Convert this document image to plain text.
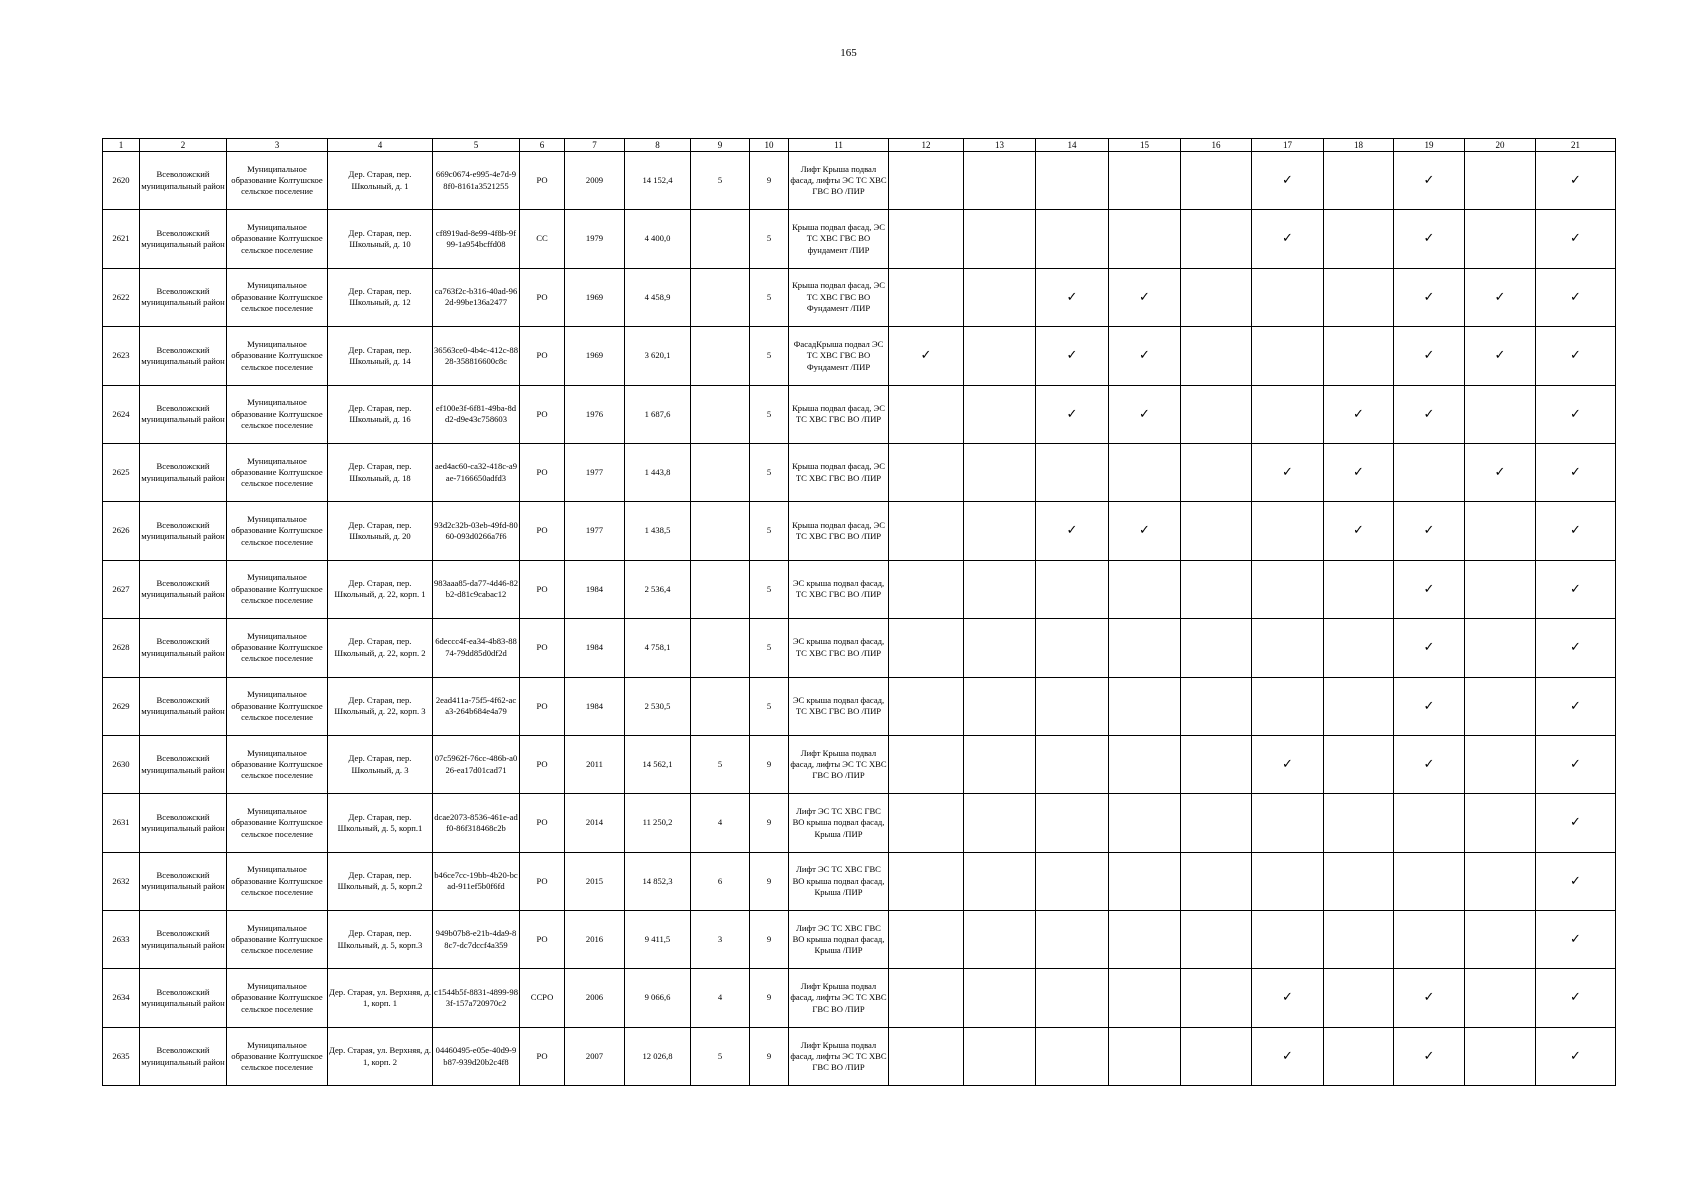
165
1	2	3	4	5	6	7	8	9	10	11	12	13	14	15	16	17	18	19	20	21
2620	Всеволожский муниципальный район	Муниципальное образование Колтушское сельское поселение	Дер. Старая, пер. Школьный, д. 1	669c0674-e995-4e7d-98f0-8161a3521255	РО	2009	14 152,4	5	9	Лифт Крыша подвал фасад, лифты ЭС ТС ХВС ГВС ВО /ПИР						✓		✓		✓
2621	Всеволожский муниципальный район	Муниципальное образование Колтушское сельское поселение	Дер. Старая, пер. Школьный, д. 10	cf8919ad-8e99-4f8b-9f99-1a954bcffd08	СС	1979	4 400,0		5	Крыша подвал фасад, ЭС ТС ХВС ГВС ВО фундамент /ПИР						✓		✓		✓
2622	Всеволожский муниципальный район	Муниципальное образование Колтушское сельское поселение	Дер. Старая, пер. Школьный, д. 12	ca763f2c-b316-40ad-962d-99be136a2477	РО	1969	4 458,9		5	Крыша подвал фасад, ЭС ТС ХВС ГВС ВО Фундамент /ПИР			✓	✓				✓	✓	✓
2623	Всеволожский муниципальный район	Муниципальное образование Колтушское сельское поселение	Дер. Старая, пер. Школьный, д. 14	36563ce0-4b4c-412c-8828-358816600c8c	РО	1969	3 620,1		5	ФасадКрыша подвал ЭС ТС ХВС ГВС ВО Фундамент /ПИР	✓		✓	✓				✓	✓	✓
2624	Всеволожский муниципальный район	Муниципальное образование Колтушское сельское поселение	Дер. Старая, пер. Школьный, д. 16	ef100e3f-6f81-49ba-8dd2-d9e43c758603	РО	1976	1 687,6		5	Крыша подвал фасад, ЭС ТС ХВС ГВС ВО /ПИР			✓	✓			✓	✓		✓
2625	Всеволожский муниципальный район	Муниципальное образование Колтушское сельское поселение	Дер. Старая, пер. Школьный, д. 18	aed4ac60-ca32-418c-a9ae-7166650adfd3	РО	1977	1 443,8		5	Крыша подвал фасад, ЭС ТС ХВС ГВС ВО /ПИР						✓	✓		✓	✓
2626	Всеволожский муниципальный район	Муниципальное образование Колтушское сельское поселение	Дер. Старая, пер. Школьный, д. 20	93d2c32b-03eb-49fd-8060-093d0266a7f6	РО	1977	1 438,5		5	Крыша подвал фасад, ЭС ТС ХВС ГВС ВО /ПИР			✓	✓			✓	✓		✓
2627	Всеволожский муниципальный район	Муниципальное образование Колтушское сельское поселение	Дер. Старая, пер. Школьный, д. 22, корп. 1	983aaa85-da77-4d46-82b2-d81c9cabac12	РО	1984	2 536,4		5	ЭС крыша подвал фасад, ТС ХВС ГВС ВО /ПИР								✓		✓
2628	Всеволожский муниципальный район	Муниципальное образование Колтушское сельское поселение	Дер. Старая, пер. Школьный, д. 22, корп. 2	6deccc4f-ea34-4b83-8874-79dd85d0df2d	РО	1984	4 758,1		5	ЭС крыша подвал фасад, ТС ХВС ГВС ВО /ПИР								✓		✓
2629	Всеволожский муниципальный район	Муниципальное образование Колтушское сельское поселение	Дер. Старая, пер. Школьный, д. 22, корп. 3	2ead411a-75f5-4f62-aca3-264b684e4a79	РО	1984	2 530,5		5	ЭС крыша подвал фасад, ТС ХВС ГВС ВО /ПИР								✓		✓
2630	Всеволожский муниципальный район	Муниципальное образование Колтушское сельское поселение	Дер. Старая, пер. Школьный, д. 3	07c5962f-76cc-486b-a026-ea17d01cad71	РО	2011	14 562,1	5	9	Лифт Крыша подвал фасад, лифты ЭС ТС ХВС ГВС ВО /ПИР						✓		✓		✓
2631	Всеволожский муниципальный район	Муниципальное образование Колтушское сельское поселение	Дер. Старая, пер. Школьный, д. 5, корп.1	dcae2073-8536-461e-adf0-86f318468c2b	РО	2014	11 250,2	4	9	Лифт ЭС ТС ХВС ГВС ВО крыша подвал фасад, Крыша /ПИР										✓
2632	Всеволожский муниципальный район	Муниципальное образование Колтушское сельское поселение	Дер. Старая, пер. Школьный, д. 5, корп.2	b46ce7cc-19bb-4b20-bcad-911ef5b0f6fd	РО	2015	14 852,3	6	9	Лифт ЭС ТС ХВС ГВС ВО крыша подвал фасад, Крыша /ПИР										✓
2633	Всеволожский муниципальный район	Муниципальное образование Колтушское сельское поселение	Дер. Старая, пер. Школьный, д. 5, корп.3	949b07b8-e21b-4da9-88c7-dc7dccf4a359	РО	2016	9 411,5	3	9	Лифт ЭС ТС ХВС ГВС ВО крыша подвал фасад, Крыша /ПИР										✓
2634	Всеволожский муниципальный район	Муниципальное образование Колтушское сельское поселение	Дер. Старая, ул. Верхняя, д. 1, корп. 1	c1544b5f-8831-4899-983f-157a720970c2	ССРО	2006	9 066,6	4	9	Лифт Крыша подвал фасад, лифты ЭС ТС ХВС ГВС ВО /ПИР						✓		✓		✓
2635	Всеволожский муниципальный район	Муниципальное образование Колтушское сельское поселение	Дер. Старая, ул. Верхняя, д. 1, корп. 2	04460495-e05e-40d9-9b87-939d20b2c4f8	РО	2007	12 026,8	5	9	Лифт Крыша подвал фасад, лифты ЭС ТС ХВС ГВС ВО /ПИР						✓		✓		✓
